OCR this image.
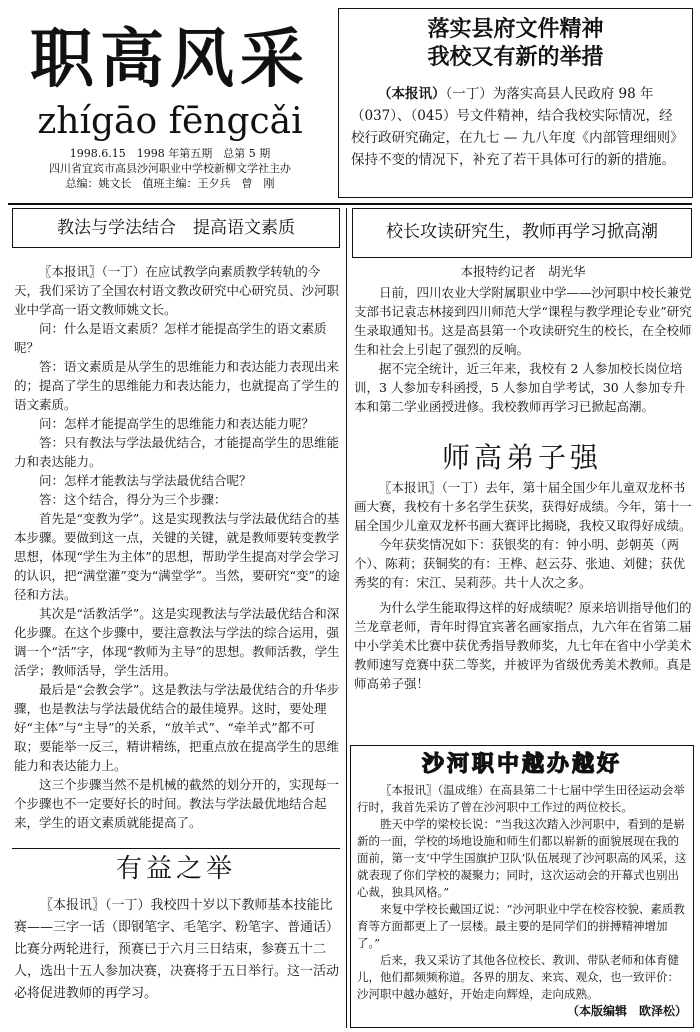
职高风采
zhígāo fēngcǎi
1998.6.15　1998 年第五期　总第 5 期
四川省宜宾市高县沙河职业中学校新柳文学社主办
总编：姚文长　值班主编：王夕兵　曾　刚
落实县府文件精神
我校又有新的举措

（本报讯）（一丁）为落实高县人民政府 98 年（037）、（045）号文件精神，结合我校实际情况，经校行政研究确定，在九七 — 九八年度《内部管理细则》保持不变的情况下，补充了若干具体可行的新的措施。

教法与学法结合　提高语文素质

〖本报讯〗（一丁）在应试教学向素质教学转轨的今天，我们采访了全国农村语文教改研究中心研究员、沙河职业中学高一语文教师姚文长。

问：什么是语文素质？怎样才能提高学生的语文素质呢？

答：语文素质是从学生的思维能力和表达能力表现出来的；提高了学生的思维能力和表达能力，也就提高了学生的语文素质。

问：怎样才能提高学生的思维能力和表达能力呢？

答：只有教法与学法最优结合，才能提高学生的思维能力和表达能力。

问：怎样才能教法与学法最优结合呢？

答：这个结合，得分为三个步骤：

首先是“变教为学”。这是实现教法与学法最优结合的基本步骤。要做到这一点，关键的关键，就是教师要转变教学思想，体现“学生为主体”的思想，帮助学生提高对学会学习的认识，把“满堂灌”变为“满堂学”。当然，要研究“变”的途径和方法。

其次是“活教活学”。这是实现教法与学法最优结合和深化步骤。在这个步骤中，要注意教法与学法的综合运用，强调一个“活”字，体现“教师为主导”的思想。教师活教，学生活学；教师活导，学生活用。

最后是“会教会学”。这是教法与学法最优结合的升华步骤，也是教法与学法最优结合的最佳境界。这时，要处理好“主体”与“主导”的关系，“放羊式”、“牵羊式”都不可取；要能举一反三，精讲精练，把重点放在提高学生的思维能力和表达能力上。

这三个步骤当然不是机械的截然的划分开的，实现每一个步骤也不一定要好长的时间。教法与学法最优地结合起来，学生的语文素质就能提高了。

有益之举

〖本报讯〗（一丁）我校四十岁以下教师基本技能比赛——三字一话（即钢笔字、毛笔字、粉笔字、普通话）比赛分两轮进行，预赛已于六月三日结束，参赛五十二人，选出十五人参加决赛，决赛将于五日举行。这一活动必将促进教师的再学习。

校长攻读研究生，教师再学习掀高潮
本报特约记者　胡光华

日前，四川农业大学附属职业中学——沙河职中校长兼党支部书记袁志林接到四川师范大学“课程与教学理论专业”研究生录取通知书。这是高县第一个攻读研究生的校长，在全校师生和社会上引起了强烈的反响。

据不完全统计，近三年来，我校有 2 人参加校长岗位培训，3 人参加专科函授，5 人参加自学考试，30 人参加专升本和第二学业函授进修。我校教师再学习已掀起高潮。

师高弟子强

〖本报讯〗（一丁）去年，第十届全国少年儿童双龙杯书画大赛，我校有十多名学生获奖，获得好成绩。今年，第十一届全国少儿童双龙杯书画大赛评比揭晓，我校又取得好成绩。

今年获奖情况如下：获银奖的有：钟小明、彭朝英（两个）、陈莉；获铜奖的有：王桦、赵云芬、张迪、刘健；获优秀奖的有：宋江、吴莉莎。共十人次之多。

为什么学生能取得这样的好成绩呢？原来培训指导他们的兰龙章老师，青年时得宜宾著名画家指点，九六年在省第二届中小学美术比赛中获优秀指导教师奖，九七年在省中小学美术教师速写竞赛中获二等奖，并被评为省级优秀美术教师。真是师高弟子强！

沙河职中越办越好

〖本报讯〗（温成维）在高县第二十七届中学生田径运动会举行时，我首先采访了曾在沙河职中工作过的两位校长。

胜天中学的梁校长说：“当我这次踏入沙河职中，看到的是崭新的一面，学校的场地设施和师生们都以崭新的面貌展现在我的面前，第一支‘中学生国旗护卫队’队伍展现了沙河职高的风采，这就表现了你们学校的凝聚力；同时，这次运动会的开幕式也别出心裁，独具风格。”

来复中学校长戴国辽说：“沙河职业中学在校容校貌、素质教育等方面都更上了一层楼。最主要的是同学们的拼搏精神增加了。”

后来，我又采访了其他各位校长、教训、带队老师和体育健儿，他们都频频称道。各界的朋友、来宾、观众，也一致评价：沙河职中越办越好，开始走向辉煌，走向成熟。

（本版编辑　欧泽松）
